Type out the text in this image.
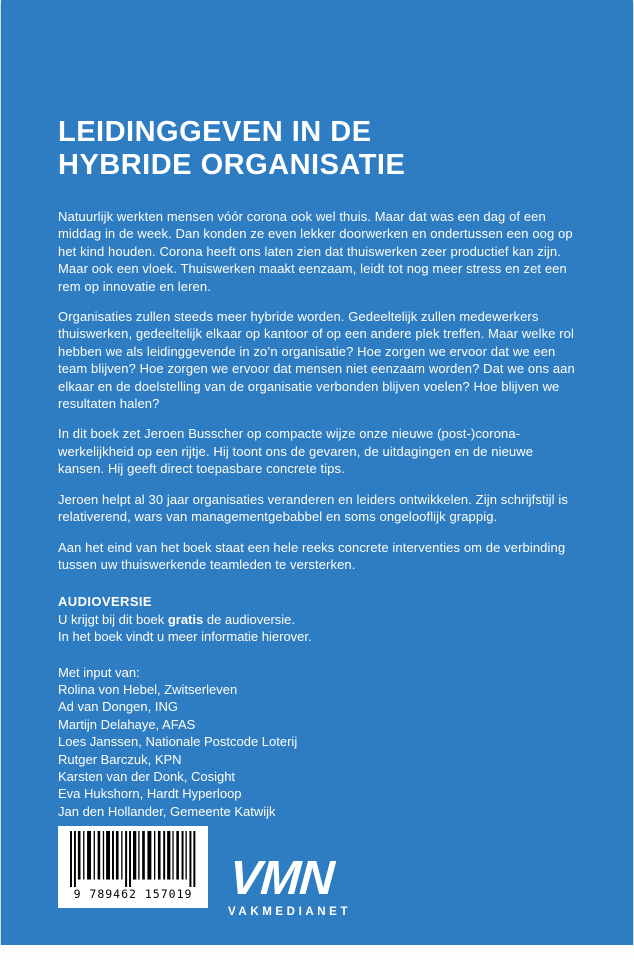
LEIDINGGEVEN IN DE
HYBRIDE ORGANISATIE

Natuurlijk werkten mensen vóór corona ook wel thuis. Maar dat was een dag of een middag in de week. Dan konden ze even lekker doorwerken en ondertussen een oog op het kind houden. Corona heeft ons laten zien dat thuiswerken zeer productief kan zijn. Maar ook een vloek. Thuiswerken maakt eenzaam, leidt tot nog meer stress en zet een rem op innovatie en leren.

Organisaties zullen steeds meer hybride worden. Gedeeltelijk zullen medewerkers thuiswerken, gedeeltelijk elkaar op kantoor of op een andere plek treffen. Maar welke rol hebben we als leidinggevende in zo’n organisatie? Hoe zorgen we ervoor dat we een team blijven? Hoe zorgen we ervoor dat mensen niet eenzaam worden? Dat we ons aan elkaar en de doelstelling van de organisatie verbonden blijven voelen? Hoe blijven we resultaten halen?

In dit boek zet Jeroen Busscher op compacte wijze onze nieuwe (post-)corona-werkelijkheid op een rijtje. Hij toont ons de gevaren, de uitdagingen en de nieuwe kansen. Hij geeft direct toepasbare concrete tips.

Jeroen helpt al 30 jaar organisaties veranderen en leiders ontwikkelen. Zijn schrijfstijl is relativerend, wars van managementgebabbel en soms ongelooflijk grappig.

Aan het eind van het boek staat een hele reeks concrete interventies om de verbinding tussen uw thuiswerkende teamleden te versterken.

AUDIOVERSIE

U krijgt bij dit boek gratis de audioversie.

In het boek vindt u meer informatie hierover.

Met input van:

Rolina von Hebel, Zwitserleven
Ad van Dongen, ING
Martijn Delahaye, AFAS
Loes Janssen, Nationale Postcode Loterij
Rutger Barczuk, KPN
Karsten van der Donk, Cosight
Eva Hukshorn, Hardt Hyperloop
Jan den Hollander, Gemeente Katwijk
9 789462 157019 VMN
VAKMEDIANET
